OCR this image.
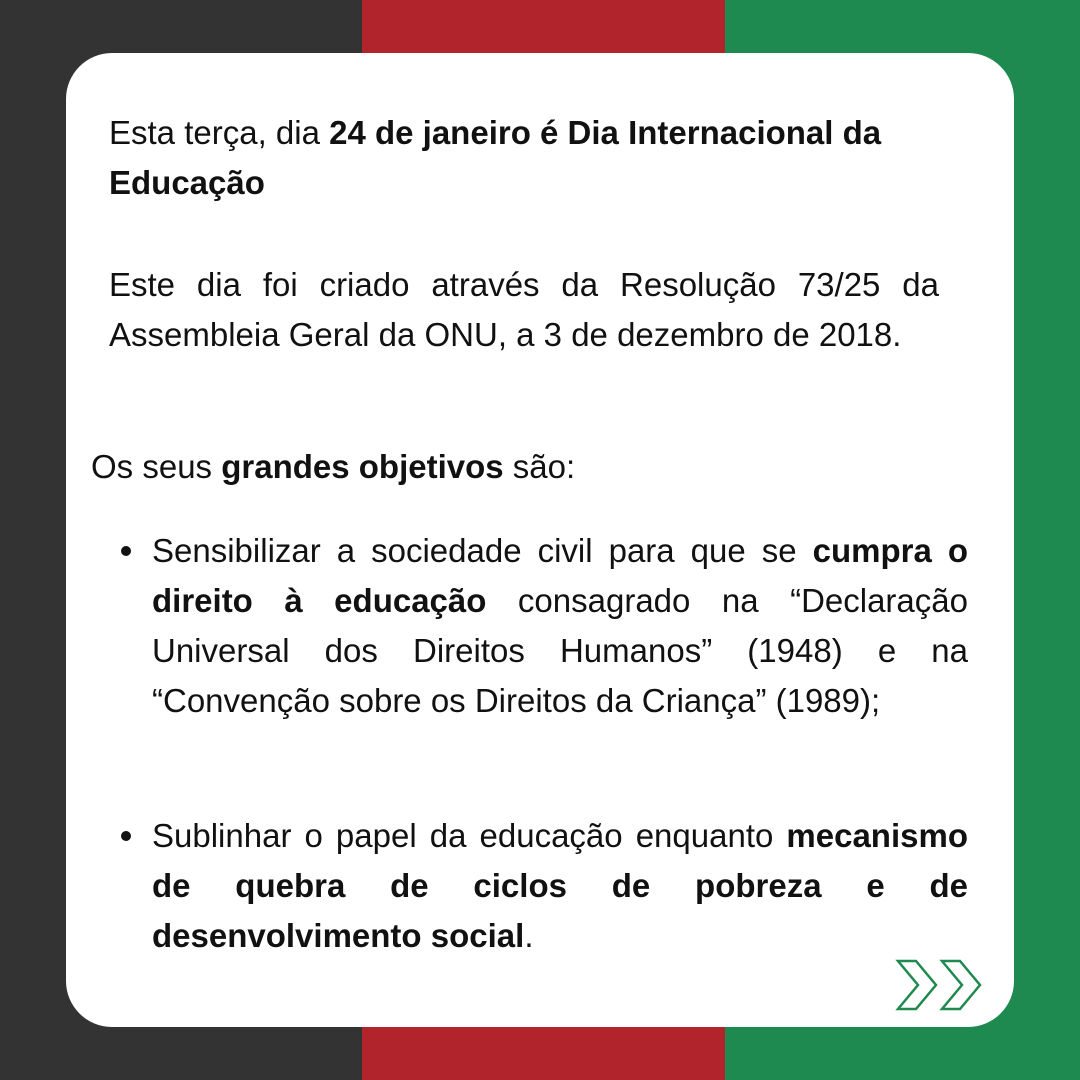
Esta terça, dia 24 de janeiro é Dia Internacional da Educação

Este dia foi criado através da Resolução 73/25 da Assembleia Geral da ONU, a 3 de dezembro de 2018.

Os seus grandes objetivos são:

Sensibilizar a sociedade civil para que se cumpra o direito à educação consagrado na “Declaração Universal dos Direitos Humanos” (1948) e na “Convenção sobre os Direitos da Criança” (1989);
Sublinhar o papel da educação enquanto mecanismo de quebra de ciclos de pobreza e de desenvolvimento social.
